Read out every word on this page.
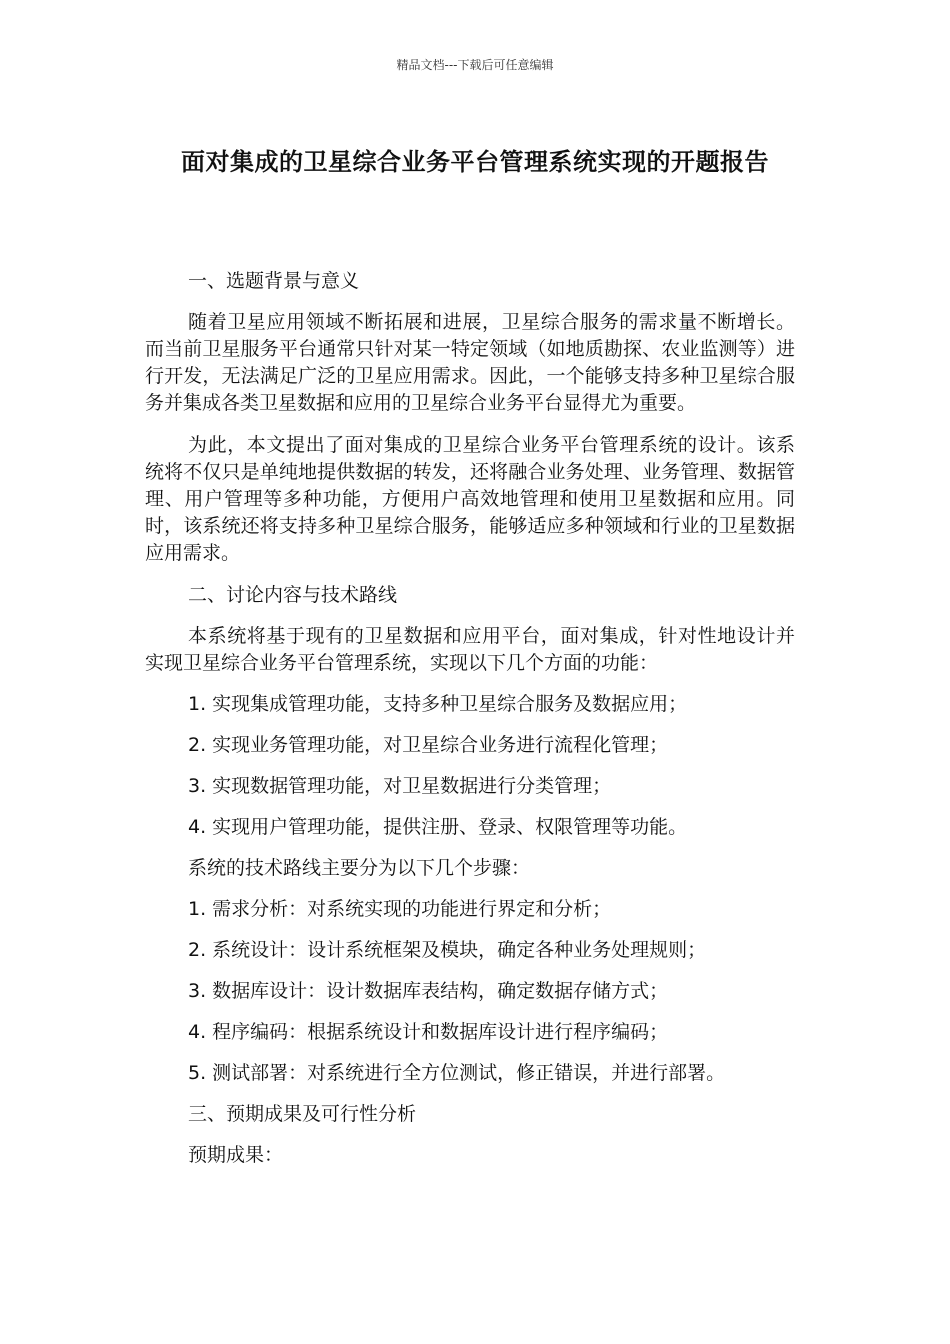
精品文档---下载后可任意编辑
面对集成的卫星综合业务平台管理系统实现的开题报告

一、选题背景与意义

随着卫星应用领域不断拓展和进展，卫星综合服务的需求量不断增长。而当前卫星服务平台通常只针对某一特定领域（如地质勘探、农业监测等）进行开发，无法满足广泛的卫星应用需求。因此，一个能够支持多种卫星综合服务并集成各类卫星数据和应用的卫星综合业务平台显得尤为重要。

为此，本文提出了面对集成的卫星综合业务平台管理系统的设计。该系统将不仅只是单纯地提供数据的转发，还将融合业务处理、业务管理、数据管理、用户管理等多种功能，方便用户高效地管理和使用卫星数据和应用。同时，该系统还将支持多种卫星综合服务，能够适应多种领域和行业的卫星数据应用需求。

二、讨论内容与技术路线

本系统将基于现有的卫星数据和应用平台，面对集成，针对性地设计并实现卫星综合业务平台管理系统，实现以下几个方面的功能：

1. 实现集成管理功能，支持多种卫星综合服务及数据应用；

2. 实现业务管理功能，对卫星综合业务进行流程化管理；

3. 实现数据管理功能，对卫星数据进行分类管理；

4. 实现用户管理功能，提供注册、登录、权限管理等功能。

系统的技术路线主要分为以下几个步骤：

1. 需求分析：对系统实现的功能进行界定和分析；

2. 系统设计：设计系统框架及模块，确定各种业务处理规则；

3. 数据库设计：设计数据库表结构，确定数据存储方式；

4. 程序编码：根据系统设计和数据库设计进行程序编码；

5. 测试部署：对系统进行全方位测试，修正错误，并进行部署。

三、预期成果及可行性分析

预期成果：
